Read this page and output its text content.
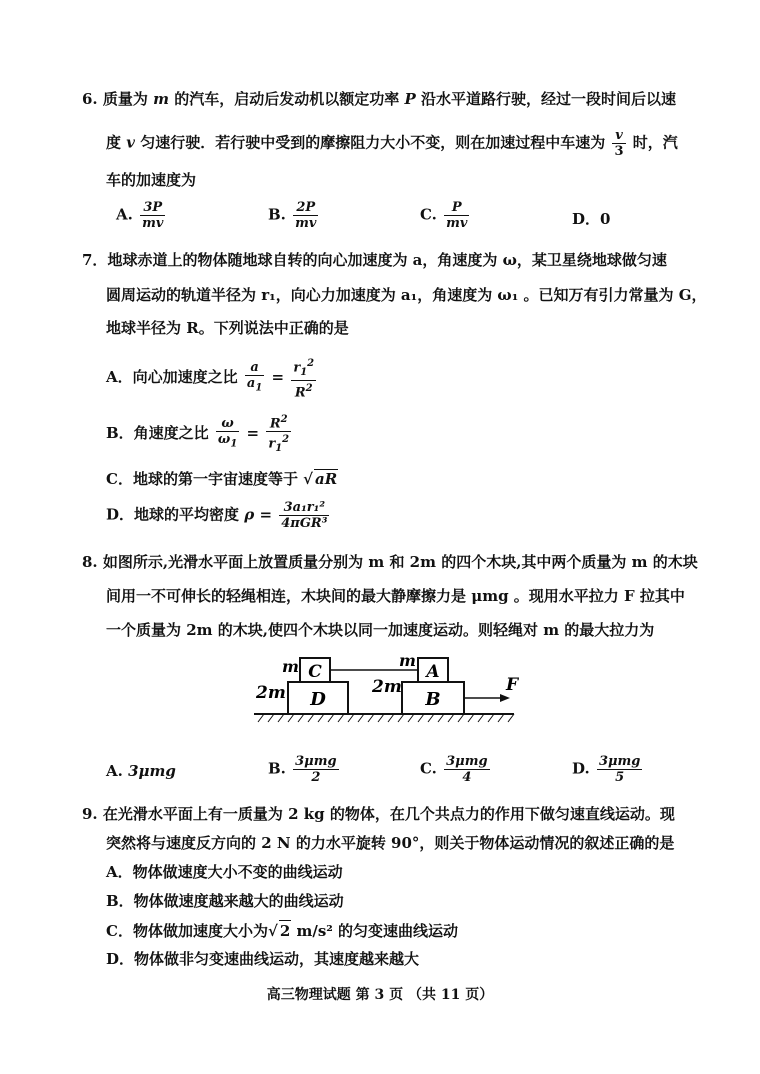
6. 质量为 m 的汽车，启动后发动机以额定功率 P 沿水平道路行驶，经过一段时间后以速
度 v 匀速行驶．若行驶中受到的摩擦阻力大小不变，则在加速过程中车速为 $\frac{v}{3}$ 时，汽
车的加速度为
A. $\frac{3P}{mv}$	B. $\frac{2P}{mv}$	C. $\frac{P}{mv}$	D．0
7．地球赤道上的物体随地球自转的向心加速度为 a，角速度为 ω，某卫星绕地球做匀速
圆周运动的轨道半径为 r₁，向心力加速度为 a₁，角速度为 ω₁ 。已知万有引力常量为 G，
地球半径为 R。下列说法中正确的是
A．向心加速度之比 $\frac{a}{a_1} = \frac{r_1^2}{R^2}$
B．角速度之比 $\frac{\omega}{\omega_1} = \frac{R^2}{r_1^2}$
C．地球的第一宇宙速度等于 √ aR
D．地球的平均密度 $\rho = \frac{\text{3a₁r₁²}}{\text{4πGR³}}$
8. 如图所示,光滑水平面上放置质量分别为 m 和 2m 的四个木块,其中两个质量为 m 的木块
间用一不可伸长的轻绳相连，木块间的最大静摩擦力是 μmg 。现用水平拉力 F 拉其中
一个质量为 2m 的木块,使四个木块以同一加速度运动。则轻绳对 m 的最大拉力为
C
m
D
2m
A
m
B
2m	F
A. 3μmg	B. $\frac{\text{3μmg}}{2}$	C. $\frac{\text{3μmg}}{4}$	D. $\frac{\text{3μmg}}{5}$
9. 在光滑水平面上有一质量为 2 kg 的物体，在几个共点力的作用下做匀速直线运动。现
突然将与速度反方向的 2 N 的力水平旋转 90°，则关于物体运动情况的叙述正确的是
A．物体做速度大小不变的曲线运动
B．物体做速度越来越大的曲线运动
C．物体做加速度大小为√ 2 m/s² 的匀变速曲线运动
D．物体做非匀变速曲线运动，其速度越来越大
高三物理试题 第 3 页 （共 11 页）
